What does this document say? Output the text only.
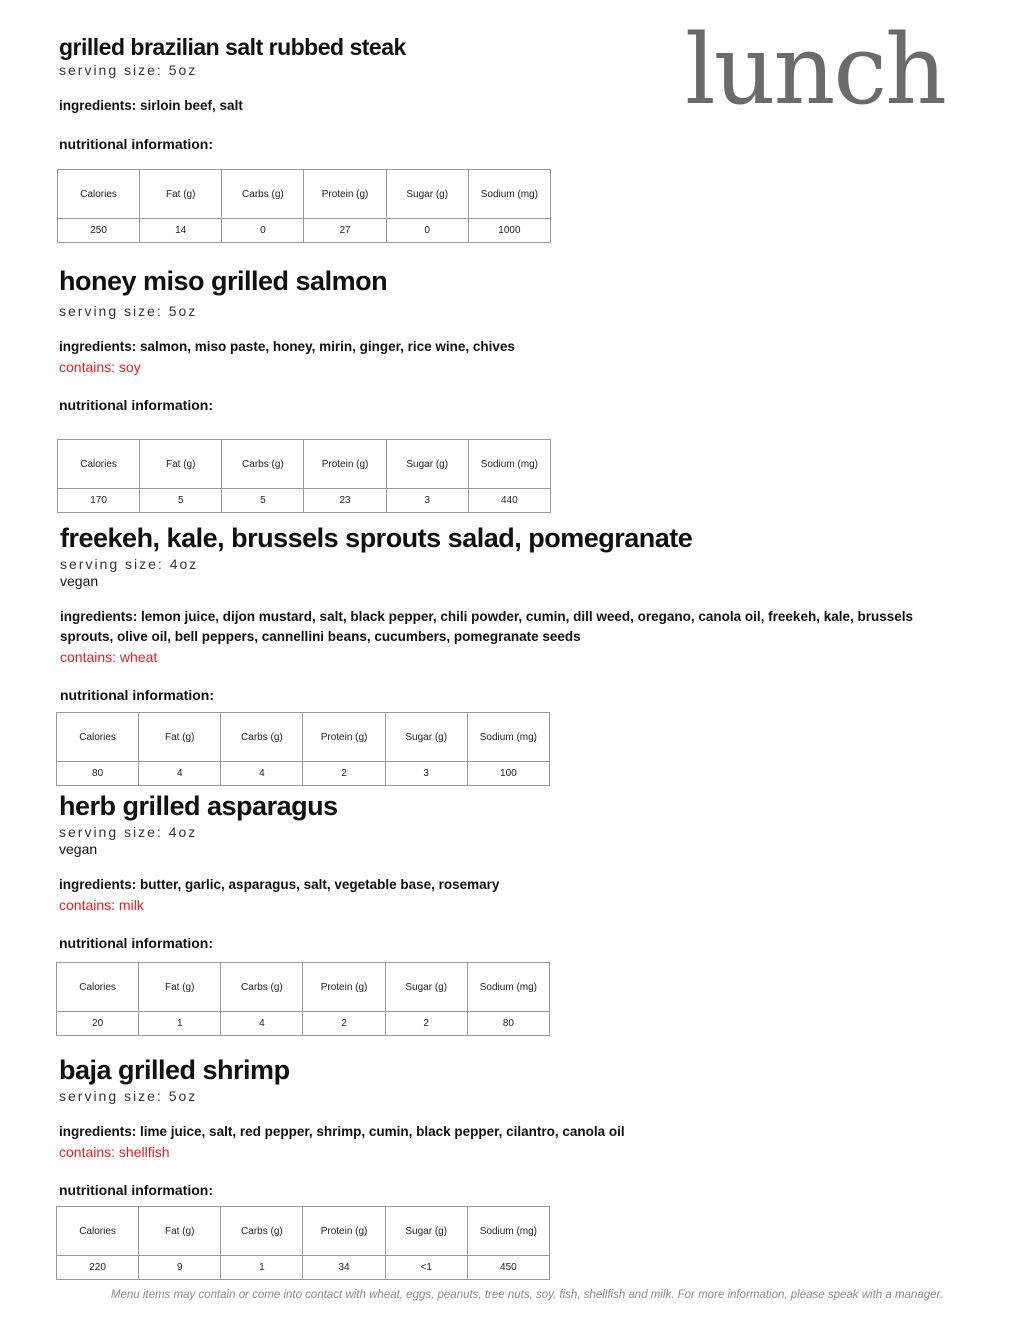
lunch
grilled brazilian salt rubbed steak
serving size: 5oz
ingredients: sirloin beef, salt
nutritional information:
Calories	Fat (g)	Carbs (g)	Protein (g)	Sugar (g)	Sodium (mg)
250	14	0	27	0	1000
honey miso grilled salmon
serving size: 5oz
ingredients: salmon, miso paste, honey, mirin, ginger, rice wine, chives
contains: soy
nutritional information:
Calories	Fat (g)	Carbs (g)	Protein (g)	Sugar (g)	Sodium (mg)
170	5	5	23	3	440
freekeh, kale, brussels sprouts salad, pomegranate
serving size: 4oz
vegan
ingredients: lemon juice, dijon mustard, salt, black pepper, chili powder, cumin, dill weed, oregano, canola oil, freekeh, kale, brussels sprouts, olive oil, bell peppers, cannellini beans, cucumbers, pomegranate seeds
contains: wheat
nutritional information:
Calories	Fat (g)	Carbs (g)	Protein (g)	Sugar (g)	Sodium (mg)
80	4	4	2	3	100
herb grilled asparagus
serving size: 4oz
vegan
ingredients: butter, garlic, asparagus, salt, vegetable base, rosemary
contains: milk
nutritional information:
Calories	Fat (g)	Carbs (g)	Protein (g)	Sugar (g)	Sodium (mg)
20	1	4	2	2	80
baja grilled shrimp
serving size: 5oz
ingredients: lime juice, salt, red pepper, shrimp, cumin, black pepper, cilantro, canola oil
contains: shellfish
nutritional information:
Calories	Fat (g)	Carbs (g)	Protein (g)	Sugar (g)	Sodium (mg)
220	9	1	34	<1	450

Menu items may contain or come into contact with wheat, eggs, peanuts, tree nuts, soy, fish, shellfish and milk. For more information, please speak with a manager.
